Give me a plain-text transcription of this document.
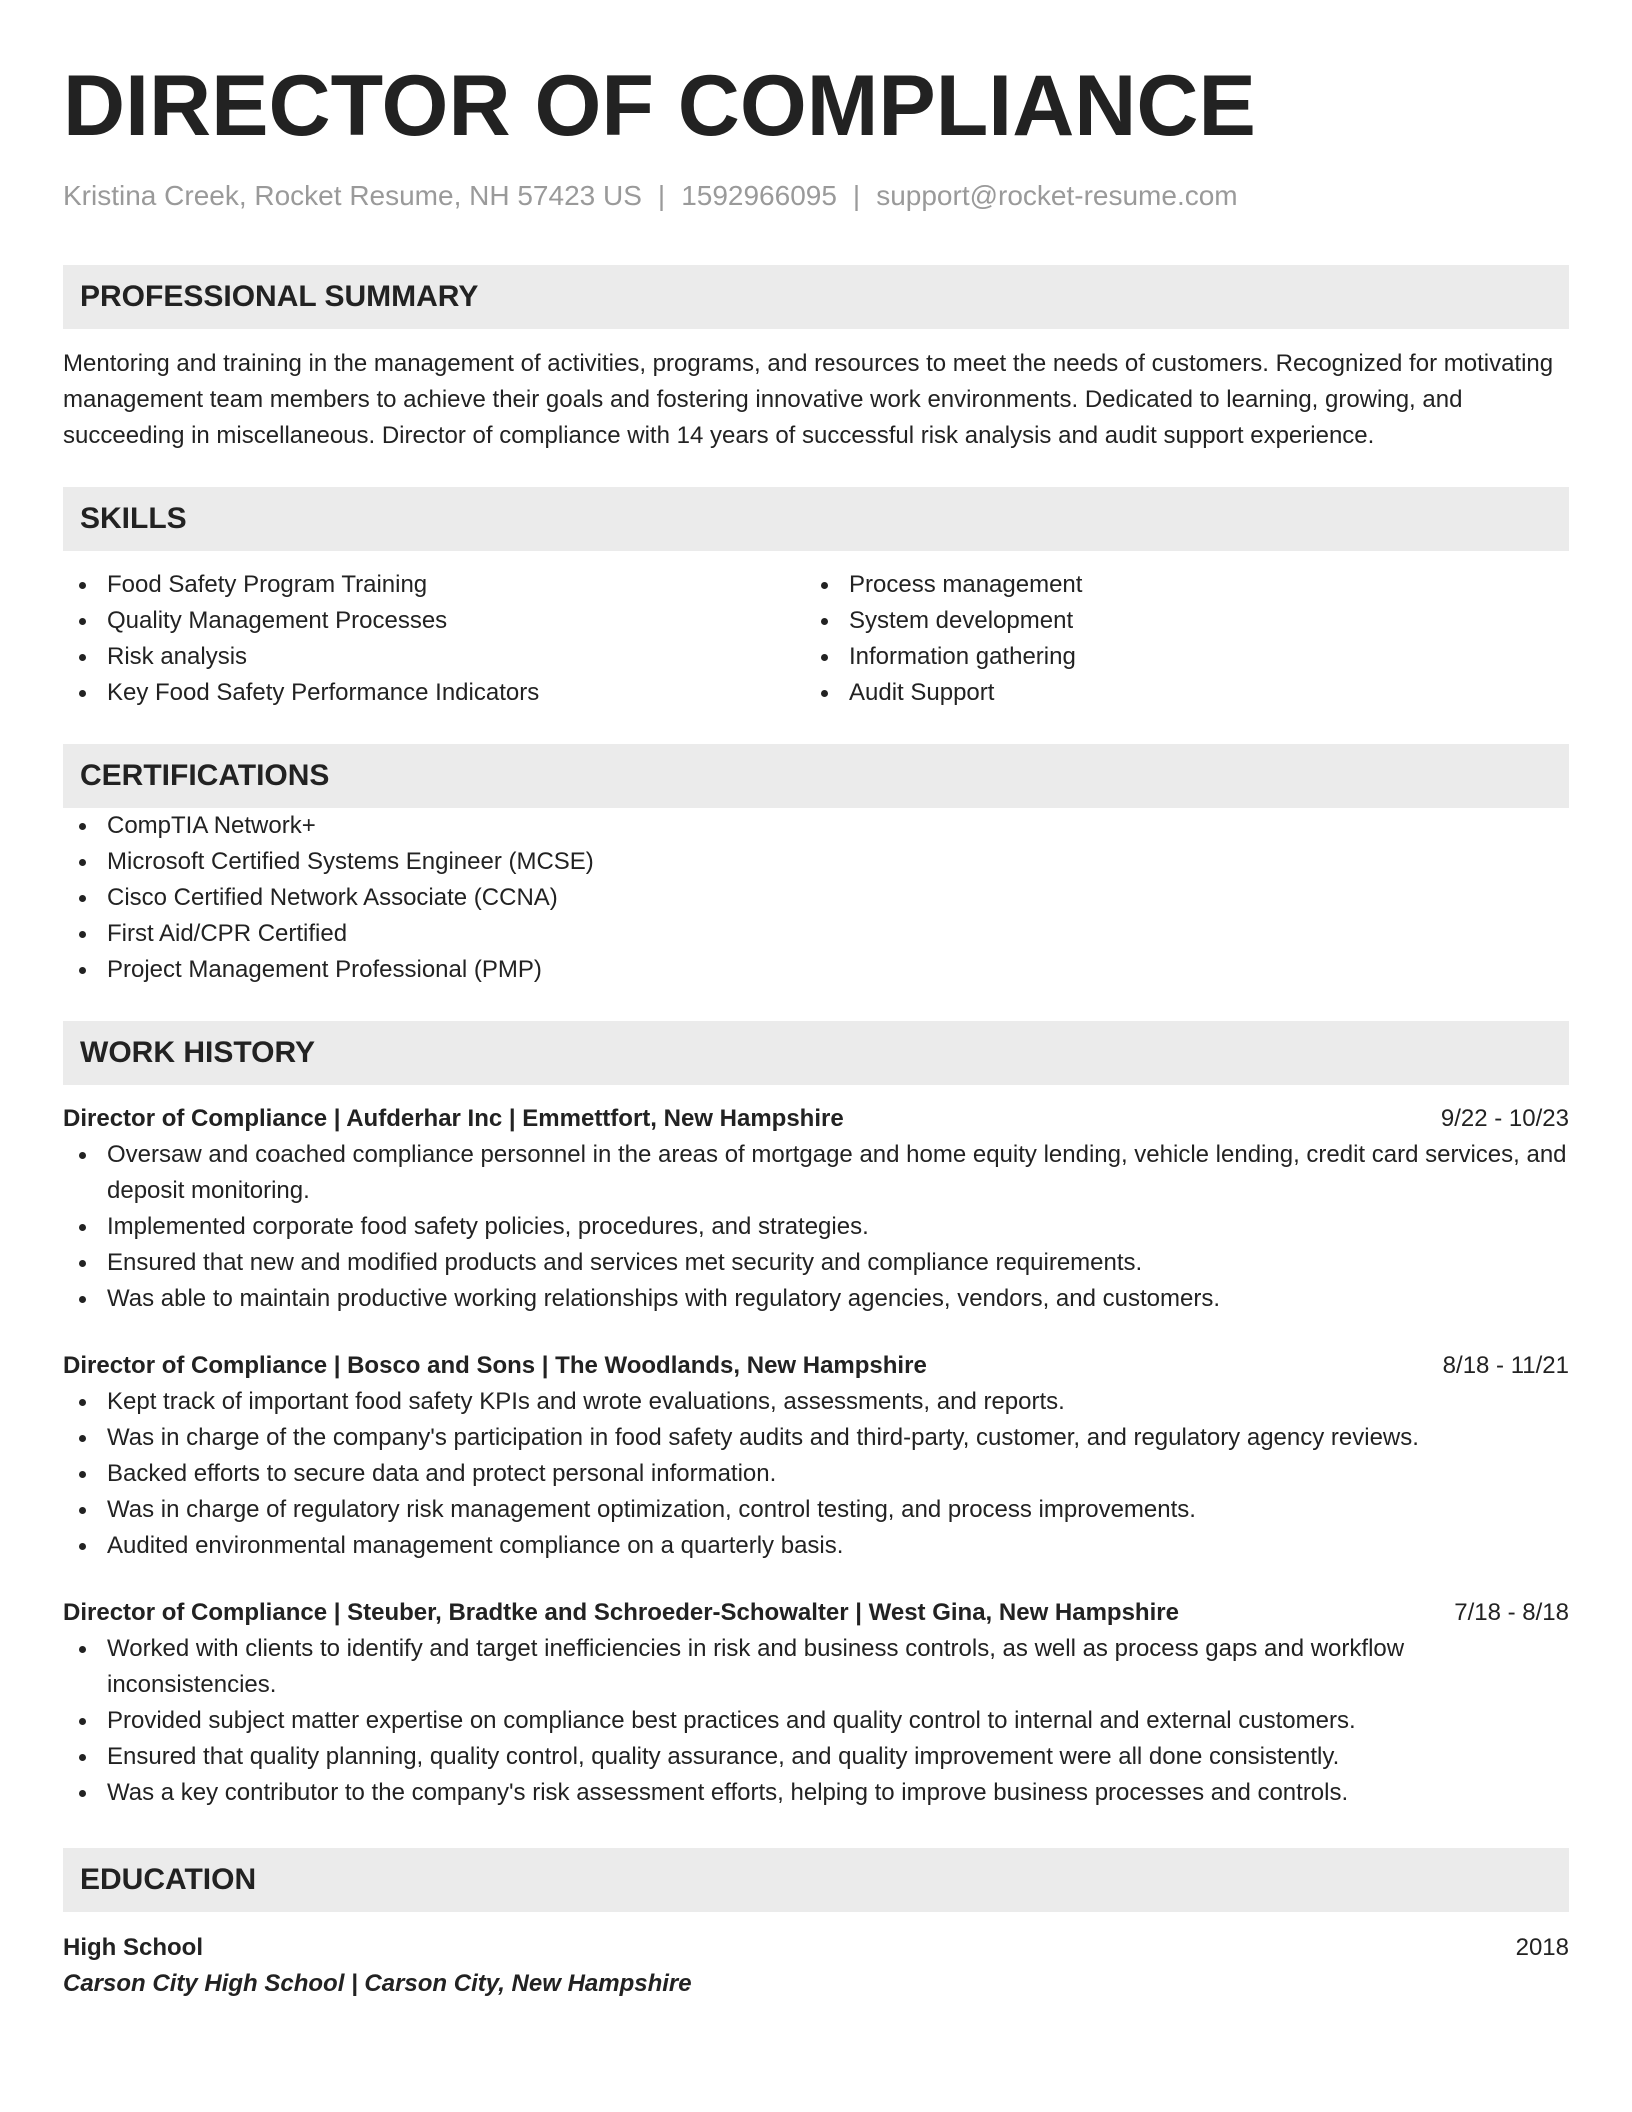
DIRECTOR OF COMPLIANCE
Kristina Creek, Rocket Resume, NH 57423 US | 1592966095 | support@rocket-resume.com
PROFESSIONAL SUMMARY
Mentoring and training in the management of activities, programs, and resources to meet the needs of customers. Recognized for motivating management team members to achieve their goals and fostering innovative work environments. Dedicated to learning, growing, and succeeding in miscellaneous. Director of compliance with 14 years of successful risk analysis and audit support experience.
SKILLS
Food Safety Program Training
Quality Management Processes
Risk analysis
Key Food Safety Performance Indicators
Process management
System development
Information gathering
Audit Support
CERTIFICATIONS
CompTIA Network+
Microsoft Certified Systems Engineer (MCSE)
Cisco Certified Network Associate (CCNA)
First Aid/CPR Certified
Project Management Professional (PMP)
WORK HISTORY
Director of Compliance | Aufderhar Inc | Emmettfort, New Hampshire	9/22 - 10/23
Oversaw and coached compliance personnel in the areas of mortgage and home equity lending, vehicle lending, credit card services, and deposit monitoring.
Implemented corporate food safety policies, procedures, and strategies.
Ensured that new and modified products and services met security and compliance requirements.
Was able to maintain productive working relationships with regulatory agencies, vendors, and customers.
Director of Compliance | Bosco and Sons | The Woodlands, New Hampshire	8/18 - 11/21
Kept track of important food safety KPIs and wrote evaluations, assessments, and reports.
Was in charge of the company's participation in food safety audits and third-party, customer, and regulatory agency reviews.
Backed efforts to secure data and protect personal information.
Was in charge of regulatory risk management optimization, control testing, and process improvements.
Audited environmental management compliance on a quarterly basis.
Director of Compliance | Steuber, Bradtke and Schroeder-Schowalter | West Gina, New Hampshire	7/18 - 8/18
Worked with clients to identify and target inefficiencies in risk and business controls, as well as process gaps and workflow inconsistencies.
Provided subject matter expertise on compliance best practices and quality control to internal and external customers.
Ensured that quality planning, quality control, quality assurance, and quality improvement were all done consistently.
Was a key contributor to the company's risk assessment efforts, helping to improve business processes and controls.
EDUCATION
High School	2018
Carson City High School | Carson City, New Hampshire
